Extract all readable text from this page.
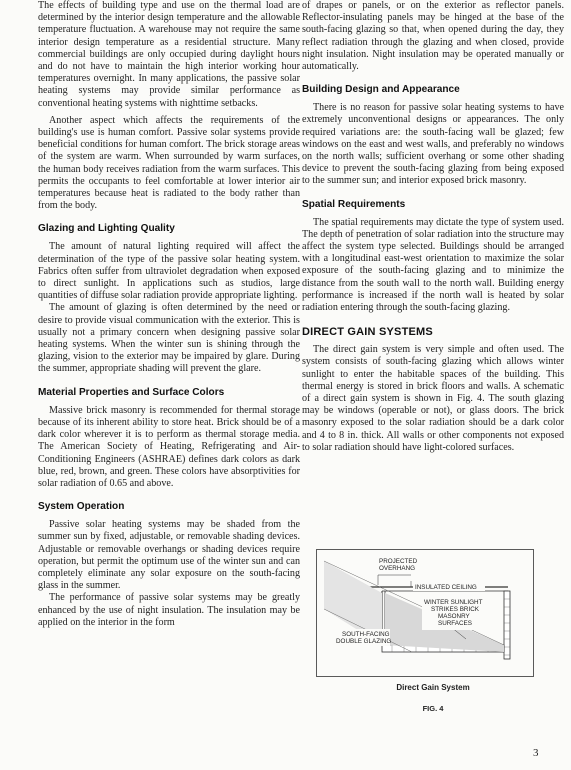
The effects of building type and use on the thermal load are determined by the interior design temperature and the allowable temperature fluctuation. A warehouse may not require the same interior design temperature as a residential structure. Many commercial buildings are only occupied during daylight hours and do not have to maintain the high interior working hour temperatures overnight. In many applications, the passive solar heating systems may provide similar performance as conventional heating systems with nighttime setbacks.

Another aspect which affects the requirements of the building's use is human comfort. Passive solar systems provide beneficial conditions for human comfort. The brick storage areas of the system are warm. When surrounded by warm surfaces, the human body receives radiation from the warm surfaces. This permits the occupants to feel comfortable at lower interior air temperatures because heat is radiated to the body rather than from the body.

Glazing and Lighting Quality

The amount of natural lighting required will affect the determination of the type of the passive solar heating system. Fabrics often suffer from ultraviolet degradation when exposed to direct sunlight. In applications such as studios, large quantities of diffuse solar radiation provide appropriate lighting.

The amount of glazing is often determined by the need or desire to provide visual communication with the exterior. This is usually not a primary concern when designing passive solar heating systems. When the winter sun is shining through the glazing, vision to the exterior may be impaired by glare. During the summer, appropriate shading will prevent the glare.

Material Properties and Surface Colors

Massive brick masonry is recommended for thermal storage because of its inherent ability to store heat. Brick should be of a dark color wherever it is to perform as thermal storage media. The American Society of Heating, Refrigerating and Air-Conditioning Engineers (ASHRAE) defines dark colors as dark blue, red, brown, and green. These colors have absorptivities for solar radiation of 0.65 and above.

System Operation

Passive solar heating systems may be shaded from the summer sun by fixed, adjustable, or removable shading devices. Adjustable or removable overhangs or shading devices require operation, but permit the optimum use of the winter sun and can completely eliminate any solar exposure on the south-facing glass in the summer.

The performance of passive solar systems may be greatly enhanced by the use of night insulation. The insulation may be applied on the interior in the form

of drapes or panels, or on the exterior as reflector panels. Reflector-insulating panels may be hinged at the base of the south-facing glazing so that, when opened during the day, they reflect radiation through the glazing and when closed, provide night insulation. Night insulation may be operated manually or automatically.

Building Design and Appearance

There is no reason for passive solar heating systems to have extremely unconventional designs or appearances. The only required variations are: the south-facing wall be glazed; few windows on the east and west walls, and preferably no windows on the north walls; sufficient overhang or some other shading device to prevent the south-facing glazing from being exposed to the summer sun; and interior exposed brick masonry.

Spatial Requirements

The spatial requirements may dictate the type of system used. The depth of penetration of solar radiation into the structure may affect the system type selected. Buildings should be arranged with a longitudinal east-west orientation to maximize the solar exposure of the south-facing glazing and to minimize the distance from the south wall to the north wall. Building energy performance is increased if the north wall is heated by solar radiation entering through the south-facing glazing.

DIRECT GAIN SYSTEMS

The direct gain system is very simple and often used. The system consists of south-facing glazing which allows winter sunlight to enter the habitable spaces of the building. This thermal energy is stored in brick floors and walls. A schematic of a direct gain system is shown in Fig. 4. The south glazing may be windows (operable or not), or glass doors. The brick masonry exposed to the solar radiation should be a dark color and 4 to 8 in. thick. All walls or other components not exposed to solar radiation should have light-colored surfaces.

INSULATED CEILING
PROJECTED
OVERHANG
WINTER SUNLIGHT
STRIKES BRICK
MASONRY
SURFACES
SOUTH-FACING
DOUBLE GLAZING
Direct Gain System
FIG. 4
3
